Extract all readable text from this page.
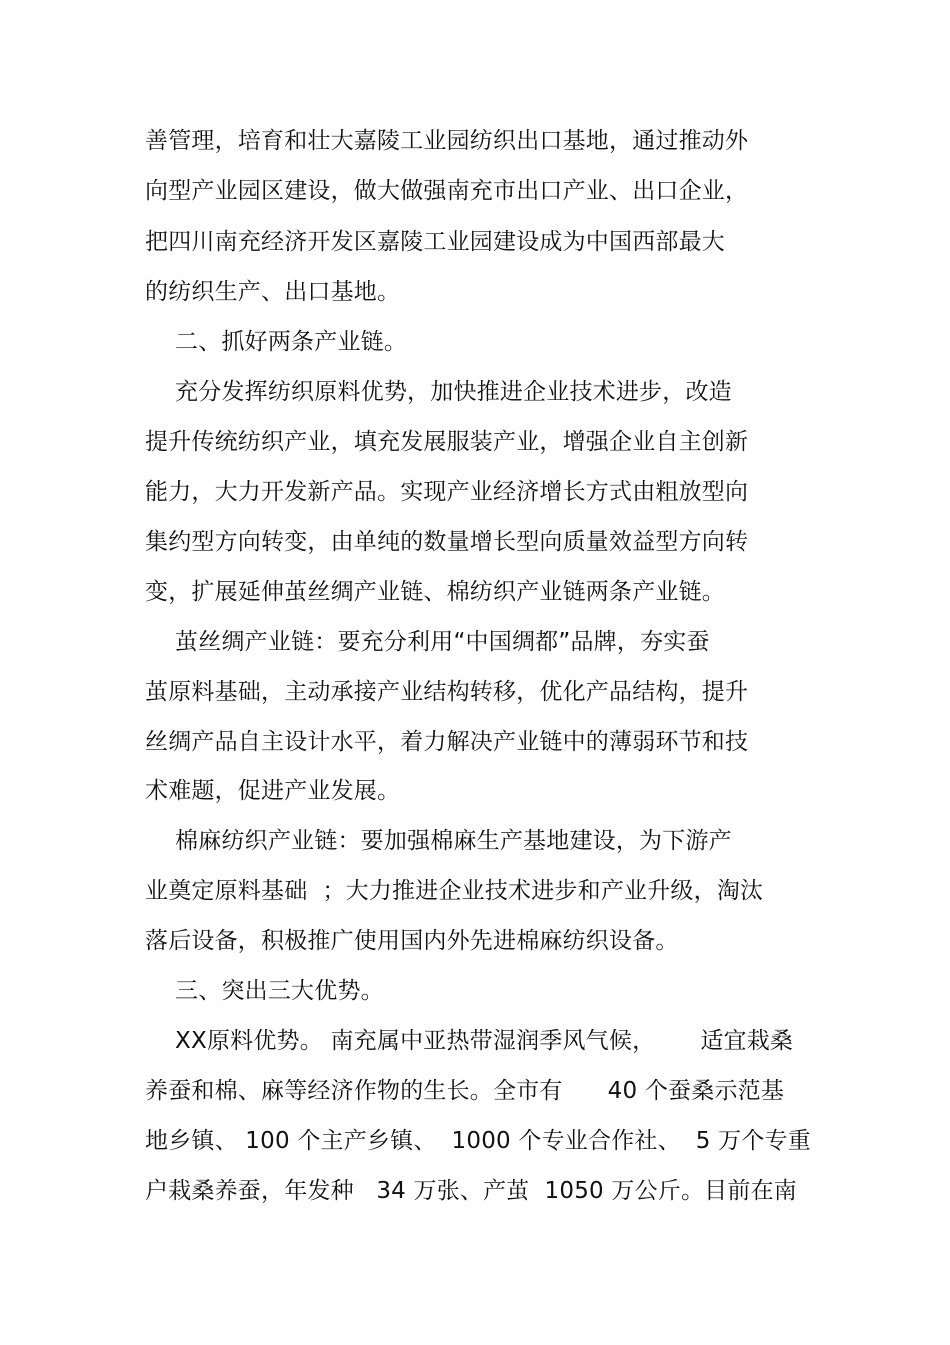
善管理，培育和壮大嘉陵工业园纺织出口基地，通过推动外
向型产业园区建设，做大做强南充市出口产业、出口企业，
把四川南充经济开发区嘉陵工业园建设成为中国西部最大
的纺织生产、出口基地。
二、抓好两条产业链。
充分发挥纺织原料优势，加快推进企业技术进步，改造
提升传统纺织产业，填充发展服装产业，增强企业自主创新
能力，大力开发新产品。实现产业经济增长方式由粗放型向
集约型方向转变，由单纯的数量增长型向质量效益型方向转
变，扩展延伸茧丝绸产业链、棉纺织产业链两条产业链。
茧丝绸产业链：要充分利用“中国绸都”品牌，夯实蚕
茧原料基础，主动承接产业结构转移，优化产品结构，提升
丝绸产品自主设计水平，着力解决产业链中的薄弱环节和技
术难题，促进产业发展。
棉麻纺织产业链：要加强棉麻生产基地建设，为下游产
业奠定原料基础  ；大力推进企业技术进步和产业升级，淘汰
落后设备，积极推广使用国内外先进棉麻纺织设备。
三、突出三大优势。
XX原料优势。 南充属中亚热带湿润季风气候，      适宜栽桑
养蚕和棉、麻等经济作物的生长。全市有      40 个蚕桑示范基
地乡镇、 100 个主产乡镇、  1000 个专业合作社、  5 万个专重
户栽桑养蚕，年发种   34 万张、产茧  1050 万公斤。目前在南
